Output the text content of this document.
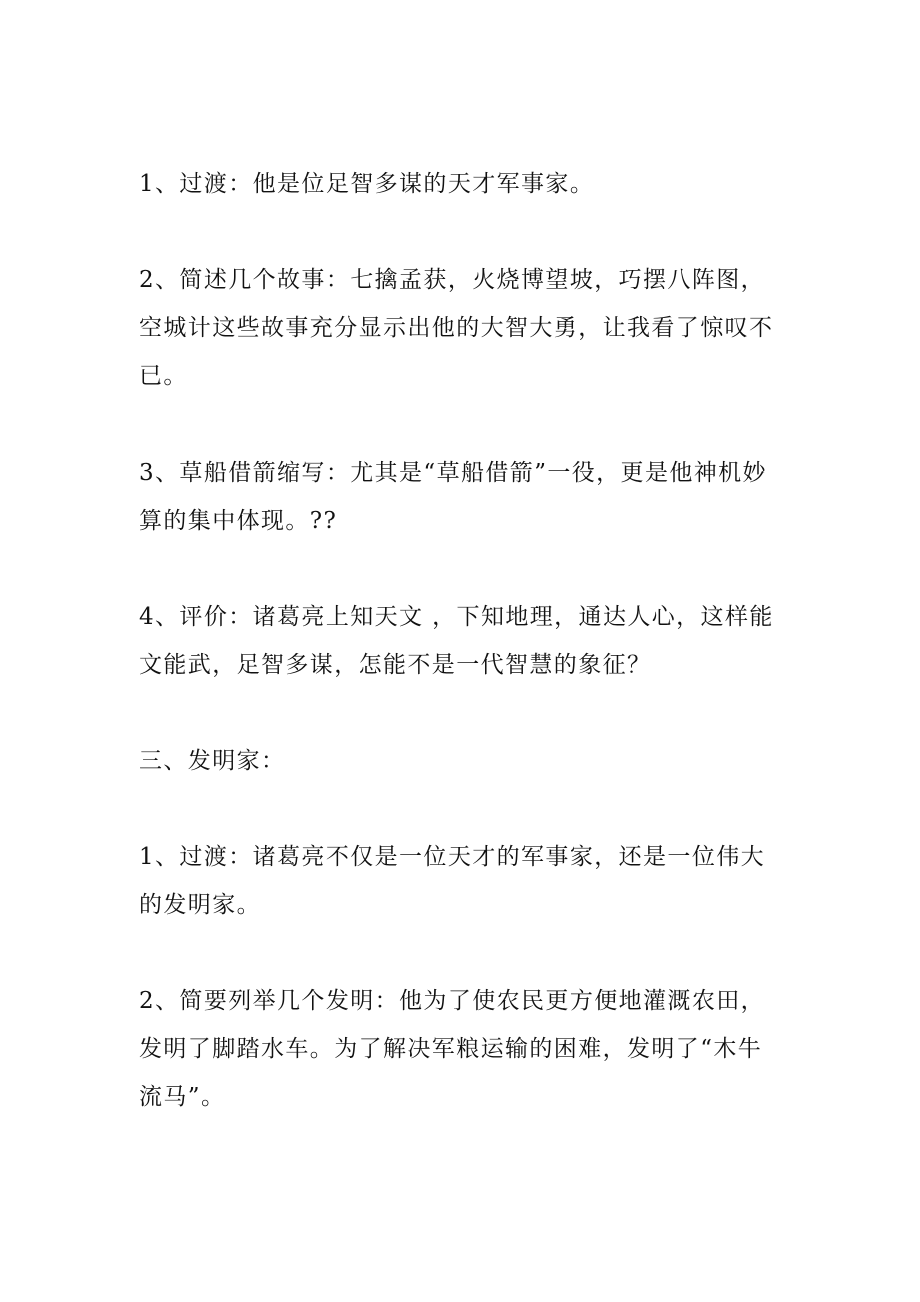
1、过渡：他是位足智多谋的天才军事家。

2、简述几个故事：七擒孟获，火烧博望坡，巧摆八阵图，空城计这些故事充分显示出他的大智大勇，让我看了惊叹不已。

3、草船借箭缩写：尤其是“草船借箭”一役，更是他神机妙算的集中体现。??

4、评价：诸葛亮上知天文 ，下知地理，通达人心，这样能文能武，足智多谋，怎能不是一代智慧的象征？

三、发明家：

1、过渡：诸葛亮不仅是一位天才的军事家，还是一位伟大的发明家。

2、简要列举几个发明：他为了使农民更方便地灌溉农田，发明了脚踏水车。为了解决军粮运输的困难，发明了“木牛流马”。
